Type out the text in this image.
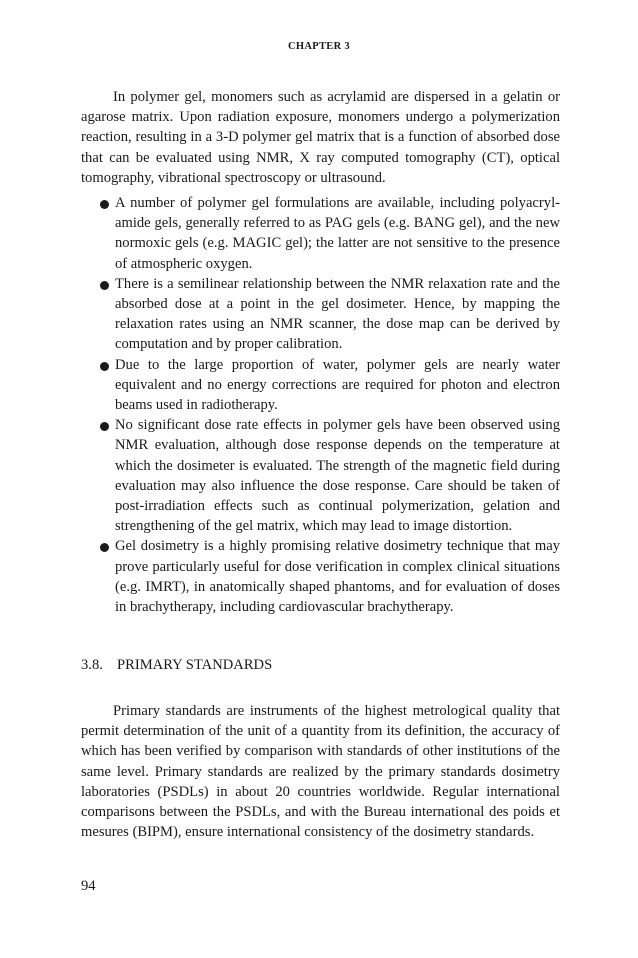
CHAPTER 3

In polymer gel, monomers such as acrylamid are dispersed in a gelatin or agarose matrix. Upon radiation exposure, monomers undergo a polymerization reaction, resulting in a 3-D polymer gel matrix that is a function of absorbed dose that can be evaluated using NMR, X ray computed tomography (CT), optical tomography, vibrational spectroscopy or ultrasound.

A number of polymer gel formulations are available, including polyacrylamide gels, generally referred to as PAG gels (e.g. BANG gel), and the new normoxic gels (e.g. MAGIC gel); the latter are not sensitive to the presence of atmospheric oxygen.
There is a semilinear relationship between the NMR relaxation rate and the absorbed dose at a point in the gel dosimeter. Hence, by mapping the relaxation rates using an NMR scanner, the dose map can be derived by computation and by proper calibration.
Due to the large proportion of water, polymer gels are nearly water equivalent and no energy corrections are required for photon and electron beams used in radiotherapy.
No significant dose rate effects in polymer gels have been observed using NMR evaluation, although dose response depends on the temperature at which the dosimeter is evaluated. The strength of the magnetic field during evaluation may also influence the dose response. Care should be taken of post-irradiation effects such as continual polymerization, gelation and strengthening of the gel matrix, which may lead to image distortion.
Gel dosimetry is a highly promising relative dosimetry technique that may prove particularly useful for dose verification in complex clinical situations (e.g. IMRT), in anatomically shaped phantoms, and for evaluation of doses in brachytherapy, including cardiovascular brachytherapy.
3.8. PRIMARY STANDARDS

Primary standards are instruments of the highest metrological quality that permit determination of the unit of a quantity from its definition, the accuracy of which has been verified by comparison with standards of other institutions of the same level. Primary standards are realized by the primary standards dosimetry laboratories (PSDLs) in about 20 countries worldwide. Regular international comparisons between the PSDLs, and with the Bureau international des poids et mesures (BIPM), ensure international consistency of the dosimetry standards.

94
